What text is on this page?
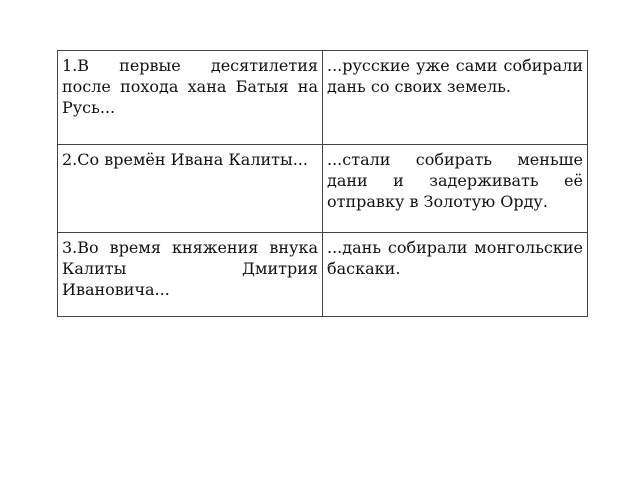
1.В первые десятилетия после похода хана Батыя на Русь...	...русские уже сами собирали дань со своих земель.
2.Со времён Ивана Калиты...	...стали собирать меньше дани и задерживать её отправку в Золотую Орду.
3.Во время княжения внука Калиты Дмитрия Ивановича...	...дань собирали монгольские баскаки.
